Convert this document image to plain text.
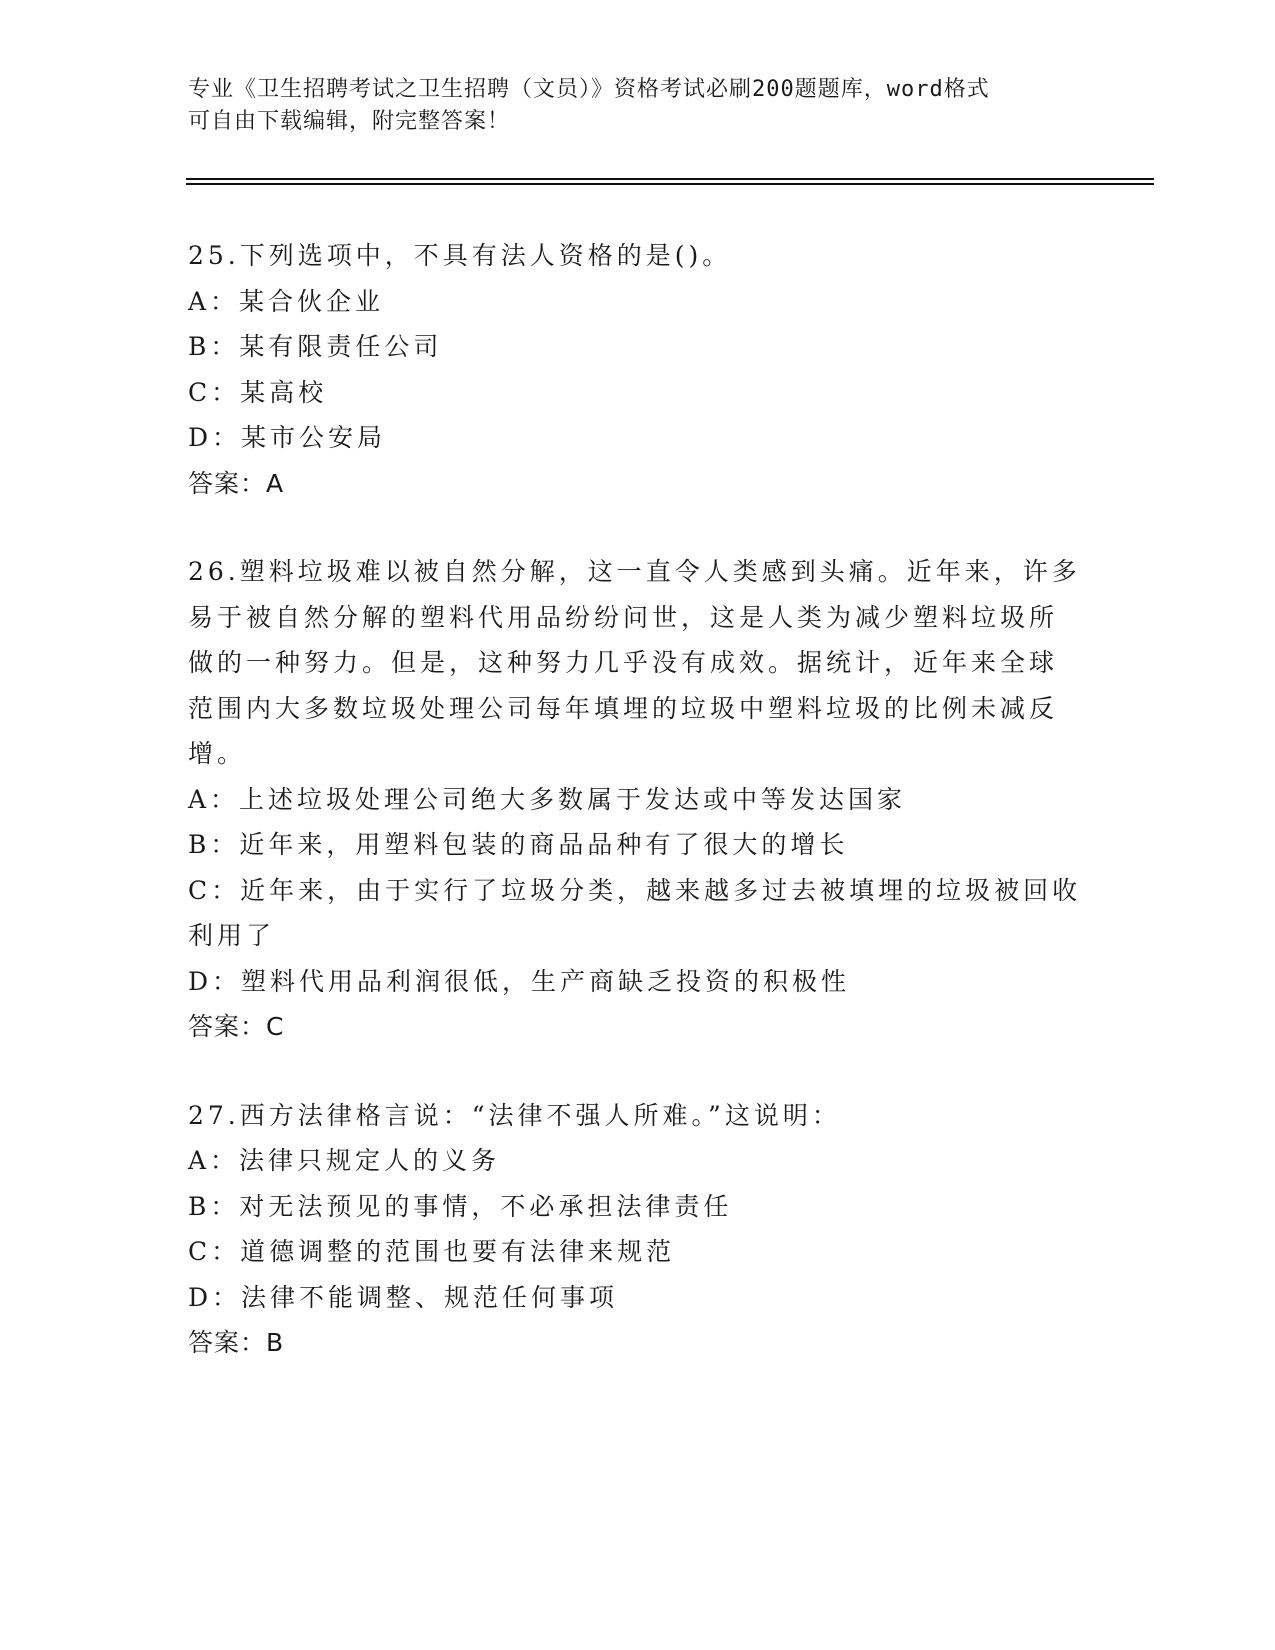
专业《卫生招聘考试之卫生招聘（文员）》资格考试必刷200题题库，word格式
可自由下载编辑，附完整答案！
25.下列选项中，不具有法人资格的是()。
A：某合伙企业
B：某有限责任公司
C：某高校
D：某市公安局
答案：A
26.塑料垃圾难以被自然分解，这一直令人类感到头痛。近年来，许多
易于被自然分解的塑料代用品纷纷问世，这是人类为减少塑料垃圾所
做的一种努力。但是，这种努力几乎没有成效。据统计，近年来全球
范围内大多数垃圾处理公司每年填埋的垃圾中塑料垃圾的比例未减反
增。
A：上述垃圾处理公司绝大多数属于发达或中等发达国家
B：近年来，用塑料包装的商品品种有了很大的增长
C：近年来，由于实行了垃圾分类，越来越多过去被填埋的垃圾被回收
利用了
D：塑料代用品利润很低，生产商缺乏投资的积极性
答案：C
27.西方法律格言说：“法律不强人所难。”这说明：
A：法律只规定人的义务
B：对无法预见的事情，不必承担法律责任
C：道德调整的范围也要有法律来规范
D：法律不能调整、规范任何事项
答案：B
